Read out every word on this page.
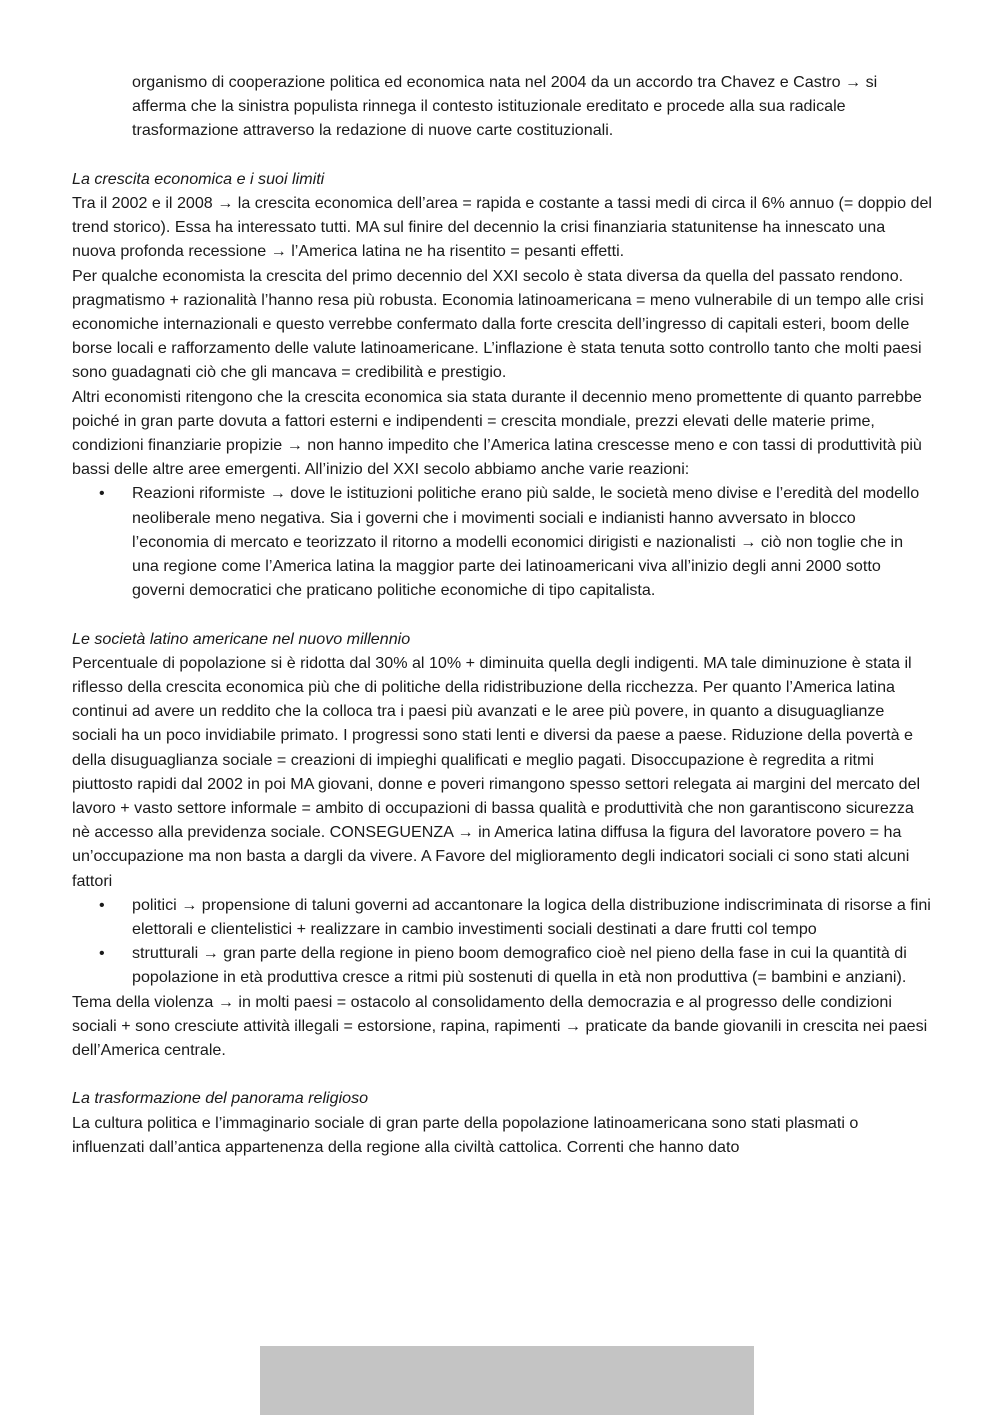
organismo di cooperazione politica ed economica nata nel 2004 da un accordo tra Chavez e Castro → si afferma che la sinistra populista rinnega il contesto istituzionale ereditato e procede alla sua radicale trasformazione attraverso la redazione di nuove carte costituzionali.

La crescita economica e i suoi limiti

Tra il 2002 e il 2008 → la crescita economica dell’area = rapida e costante a tassi medi di circa il 6% annuo (= doppio del trend storico). Essa ha interessato tutti. MA sul finire del decennio la crisi finanziaria statunitense ha innescato una nuova profonda recessione → l’America latina ne ha risentito = pesanti effetti.

Per qualche economista la crescita del primo decennio del XXI secolo è stata diversa da quella del passato rendono. pragmatismo + razionalità l’hanno resa più robusta. Economia latinoamericana = meno vulnerabile di un tempo alle crisi economiche internazionali e questo verrebbe confermato dalla forte crescita dell’ingresso di capitali esteri, boom delle borse locali e rafforzamento delle valute latinoamericane. L’inflazione è stata tenuta sotto controllo tanto che molti paesi sono guadagnati ciò che gli mancava = credibilità e prestigio.

Altri economisti ritengono che la crescita economica sia stata durante il decennio meno promettente di quanto parrebbe poiché in gran parte dovuta a fattori esterni e indipendenti = crescita mondiale, prezzi elevati delle materie prime, condizioni finanziarie propizie → non hanno impedito che l’America latina crescesse meno e con tassi di produttività più bassi delle altre aree emergenti. All’inizio del XXI secolo abbiamo anche varie reazioni:

• Reazioni riformiste → dove le istituzioni politiche erano più salde, le società meno divise e l’eredità del modello neoliberale meno negativa. Sia i governi che i movimenti sociali e indianisti hanno avversato in blocco l’economia di mercato e teorizzato il ritorno a modelli economici dirigisti e nazionalisti → ciò non toglie che in una regione come l’America latina la maggior parte dei latinoamericani viva all’inizio degli anni 2000 sotto governi democratici che praticano politiche economiche di tipo capitalista.

Le società latino americane nel nuovo millennio

Percentuale di popolazione si è ridotta dal 30% al 10% + diminuita quella degli indigenti. MA tale diminuzione è stata il riflesso della crescita economica più che di politiche della ridistribuzione della ricchezza. Per quanto l’America latina continui ad avere un reddito che la colloca tra i paesi più avanzati e le aree più povere, in quanto a disuguaglianze sociali ha un poco invidiabile primato. I progressi sono stati lenti e diversi da paese a paese. Riduzione della povertà e della disuguaglianza sociale = creazioni di impieghi qualificati e meglio pagati. Disoccupazione è regredita a ritmi piuttosto rapidi dal 2002 in poi MA giovani, donne e poveri rimangono spesso settori relegata ai margini del mercato del lavoro + vasto settore informale = ambito di occupazioni di bassa qualità e produttività che non garantiscono sicurezza nè accesso alla previdenza sociale. CONSEGUENZA → in America latina diffusa la figura del lavoratore povero = ha un’occupazione ma non basta a dargli da vivere. A Favore del miglioramento degli indicatori sociali ci sono stati alcuni fattori

• politici → propensione di taluni governi ad accantonare la logica della distribuzione indiscriminata di risorse a fini elettorali e clientelistici + realizzare in cambio investimenti sociali destinati a dare frutti col tempo
• strutturali → gran parte della regione in pieno boom demografico cioè nel pieno della fase in cui la quantità di popolazione in età produttiva cresce a ritmi più sostenuti di quella in età non produttiva (= bambini e anziani).

Tema della violenza → in molti paesi = ostacolo al consolidamento della democrazia e al progresso delle condizioni sociali + sono cresciute attività illegali = estorsione, rapina, rapimenti → praticate da bande giovanili in crescita nei paesi dell’America centrale.

La trasformazione del panorama religioso

La cultura politica e l’immaginario sociale di gran parte della popolazione latinoamericana sono stati plasmati o influenzati dall’antica appartenenza della regione alla civiltà cattolica. Correnti che hanno dato
